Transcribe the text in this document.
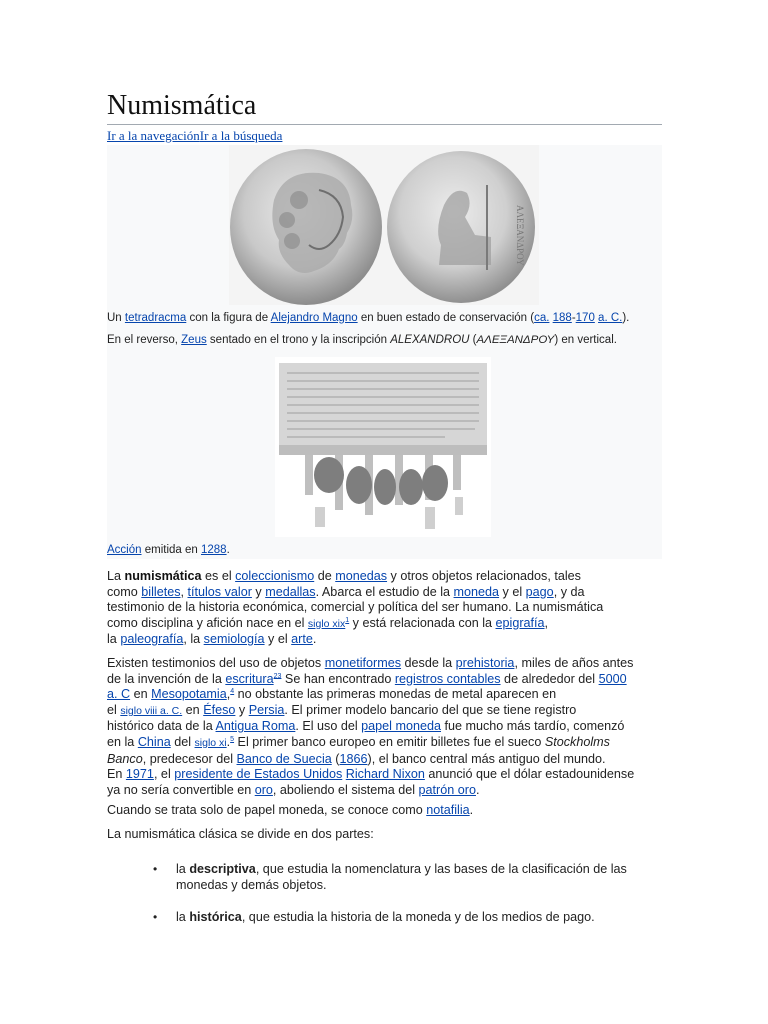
Numismática
Ir a la navegaciónIr a la búsqueda
ΑΛΕΞΑΝΔΡΟΥ
Un tetradracma con la figura de Alejandro Magno en buen estado de conservación (ca. 188-170 a. C.).
En el reverso, Zeus sentado en el trono y la inscripción ALEXANDROU (ΑΛΕΞΑΝΔΡΟΥ) en vertical.
Acción emitida en 1288.
La numismática es el coleccionismo de monedas y otros objetos relacionados, tales
como billetes, títulos valor y medallas. Abarca el estudio de la moneda y el pago, y da
testimonio de la historia económica, comercial y política del ser humano. La numismática
como disciplina y afición nace en el siglo xix$^1$ y está relacionada con la epigrafía,
la paleografía, la semiología y el arte.
Existen testimonios del uso de objetos monetiformes desde la prehistoria, miles de años antes
de la invención de la escritura$^{23}$ Se han encontrado registros contables de alrededor del 5000
a. C en Mesopotamia,$^4$ no obstante las primeras monedas de metal aparecen en
el siglo viii a. C. en Éfeso y Persia. El primer modelo bancario del que se tiene registro
histórico data de la Antigua Roma. El uso del papel moneda fue mucho más tardío, comenzó
en la China del siglo xi.$^5$ El primer banco europeo en emitir billetes fue el sueco Stockholms
Banco, predecesor del Banco de Suecia (1866), el banco central más antiguo del mundo.
En 1971, el presidente de Estados Unidos Richard Nixon anunció que el dólar estadounidense
ya no sería convertible en oro, aboliendo el sistema del patrón oro.
Cuando se trata solo de papel moneda, se conoce como notafilia.
La numismática clásica se divide en dos partes:
• la descriptiva, que estudia la nomenclatura y las bases de la clasificación de las
monedas y demás objetos.
• la histórica, que estudia la historia de la moneda y de los medios de pago.
